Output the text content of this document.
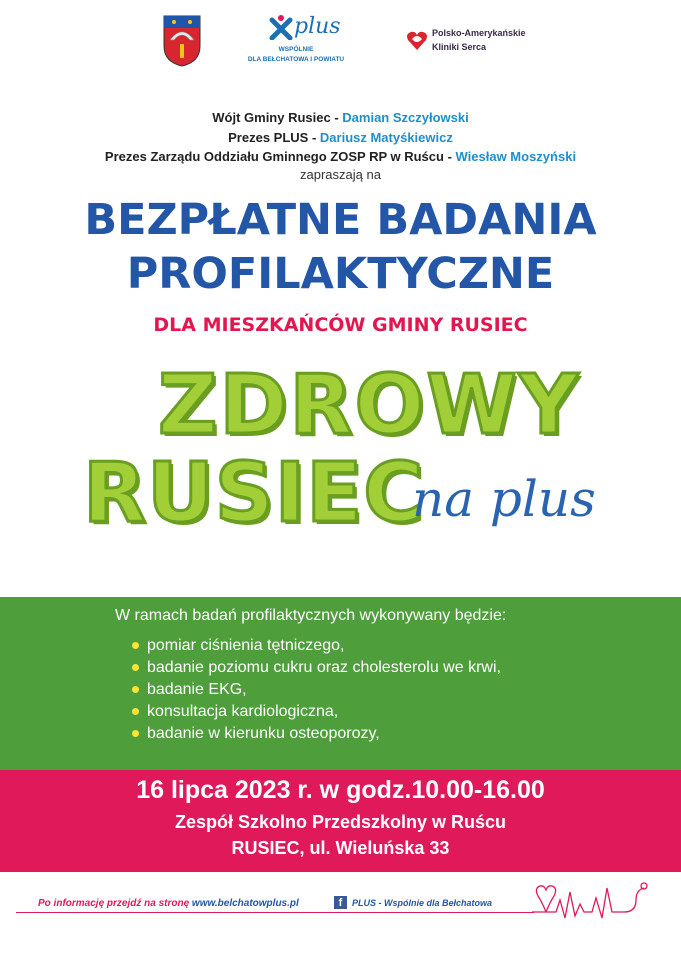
plus
WSPÓLNIE
DLA BEŁCHATOWA I POWIATU
Polsko-Amerykańskie
Kliniki Serca
Wójt Gminy Rusiec - Damian Szczyłowski
Prezes PLUS - Dariusz Matyśkiewicz
Prezes Zarządu Oddziału Gminnego ZOSP RP w Ruścu - Wiesław Moszyński
zapraszają na
BEZPŁATNE BADANIA
PROFILAKTYCZNE
DLA MIESZKAŃCÓW GMINY RUSIEC
ZDROWY
RUSIEC
na plus
W ramach badań profilaktycznych wykonywany będzie:
pomiar ciśnienia tętniczego,
badanie poziomu cukru oraz cholesterolu we krwi,
badanie EKG,
konsultacja kardiologiczna,
badanie w kierunku osteoporozy,
16 lipca 2023 r. w godz.10.00-16.00
Zespół Szkolno Przedszkolny w Ruścu
RUSIEC, ul. Wieluńska 33
Po informację przejdź na stronę www.belchatowplus.pl	f	PLUS - Wspólnie dla Bełchatowa
